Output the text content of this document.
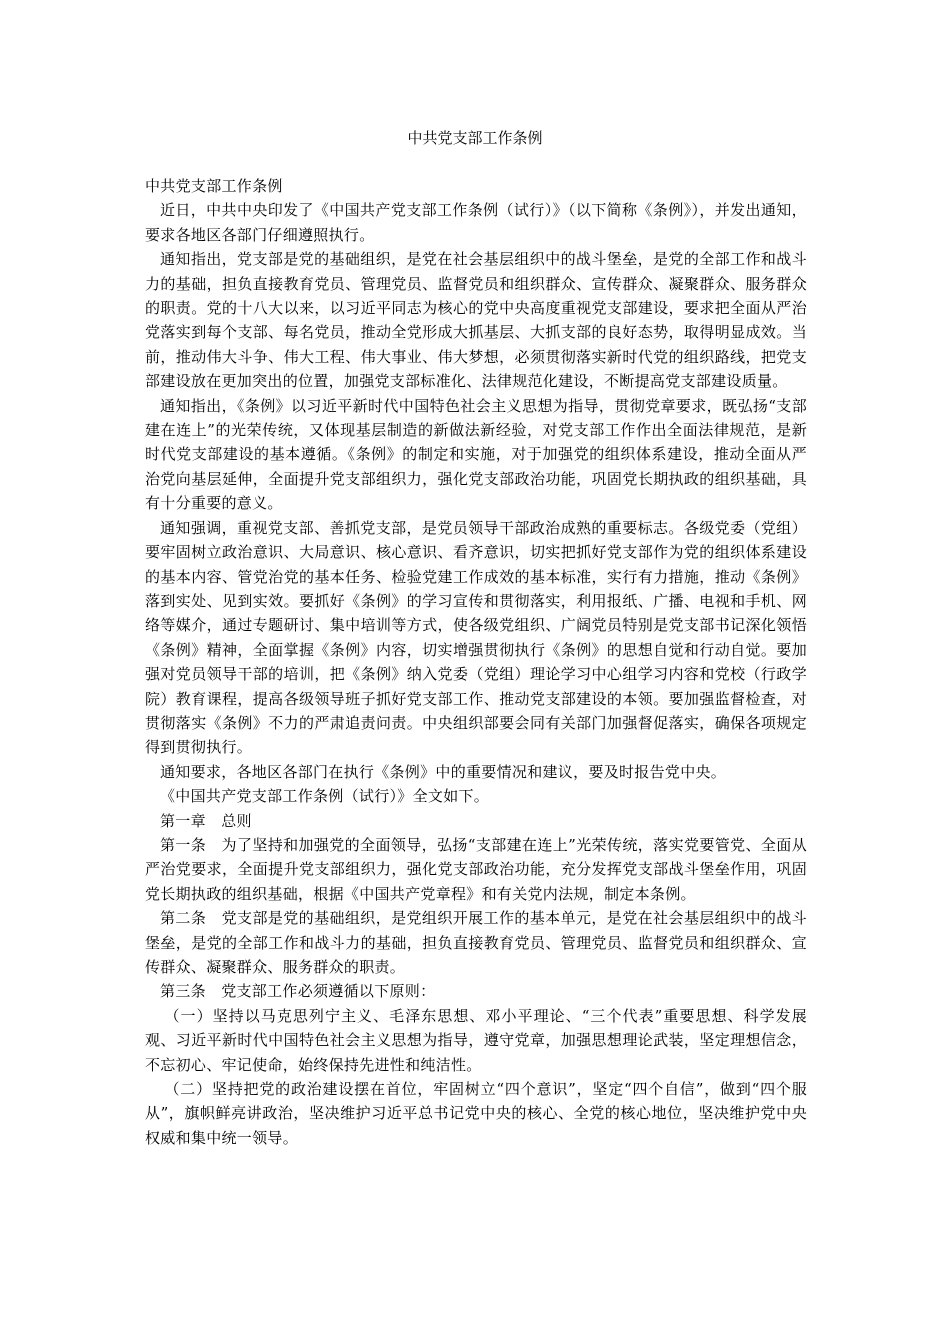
中共党支部工作条例

中共党支部工作条例

近日，中共中央印发了《中国共产党支部工作条例（试行）》（以下简称《条例》），并发出通知，要求各地区各部门仔细遵照执行。

通知指出，党支部是党的基础组织，是党在社会基层组织中的战斗堡垒，是党的全部工作和战斗力的基础，担负直接教育党员、管理党员、监督党员和组织群众、宣传群众、凝聚群众、服务群众的职责。党的十八大以来，以习近平同志为核心的党中央高度重视党支部建设，要求把全面从严治党落实到每个支部、每名党员，推动全党形成大抓基层、大抓支部的良好态势，取得明显成效。当前，推动伟大斗争、伟大工程、伟大事业、伟大梦想，必须贯彻落实新时代党的组织路线，把党支部建设放在更加突出的位置，加强党支部标准化、法律规范化建设，不断提高党支部建设质量。

通知指出，《条例》以习近平新时代中国特色社会主义思想为指导，贯彻党章要求，既弘扬“支部建在连上”的光荣传统，又体现基层制造的新做法新经验，对党支部工作作出全面法律规范，是新时代党支部建设的基本遵循。《条例》的制定和实施，对于加强党的组织体系建设，推动全面从严治党向基层延伸，全面提升党支部组织力，强化党支部政治功能，巩固党长期执政的组织基础，具有十分重要的意义。

通知强调，重视党支部、善抓党支部，是党员领导干部政治成熟的重要标志。各级党委（党组）要牢固树立政治意识、大局意识、核心意识、看齐意识，切实把抓好党支部作为党的组织体系建设的基本内容、管党治党的基本任务、检验党建工作成效的基本标准，实行有力措施，推动《条例》落到实处、见到实效。要抓好《条例》的学习宣传和贯彻落实，利用报纸、广播、电视和手机、网络等媒介，通过专题研讨、集中培训等方式，使各级党组织、广阔党员特别是党支部书记深化领悟《条例》精神，全面掌握《条例》内容，切实增强贯彻执行《条例》的思想自觉和行动自觉。要加强对党员领导干部的培训，把《条例》纳入党委（党组）理论学习中心组学习内容和党校（行政学院）教育课程，提高各级领导班子抓好党支部工作、推动党支部建设的本领。要加强监督检查，对贯彻落实《条例》不力的严肃追责问责。中央组织部要会同有关部门加强督促落实，确保各项规定得到贯彻执行。

通知要求，各地区各部门在执行《条例》中的重要情况和建议，要及时报告党中央。

《中国共产党支部工作条例（试行）》全文如下。

第一章　总则

第一条　为了坚持和加强党的全面领导，弘扬“支部建在连上”光荣传统，落实党要管党、全面从严治党要求，全面提升党支部组织力，强化党支部政治功能，充分发挥党支部战斗堡垒作用，巩固党长期执政的组织基础，根据《中国共产党章程》和有关党内法规，制定本条例。

第二条　党支部是党的基础组织，是党组织开展工作的基本单元，是党在社会基层组织中的战斗堡垒，是党的全部工作和战斗力的基础，担负直接教育党员、管理党员、监督党员和组织群众、宣传群众、凝聚群众、服务群众的职责。

第三条　党支部工作必须遵循以下原则：

（一）坚持以马克思列宁主义、毛泽东思想、邓小平理论、“三个代表”重要思想、科学发展观、习近平新时代中国特色社会主义思想为指导，遵守党章，加强思想理论武装，坚定理想信念，不忘初心、牢记使命，始终保持先进性和纯洁性。

（二）坚持把党的政治建设摆在首位，牢固树立“四个意识”，坚定“四个自信”，做到“四个服从”，旗帜鲜亮讲政治，坚决维护习近平总书记党中央的核心、全党的核心地位，坚决维护党中央权威和集中统一领导。
